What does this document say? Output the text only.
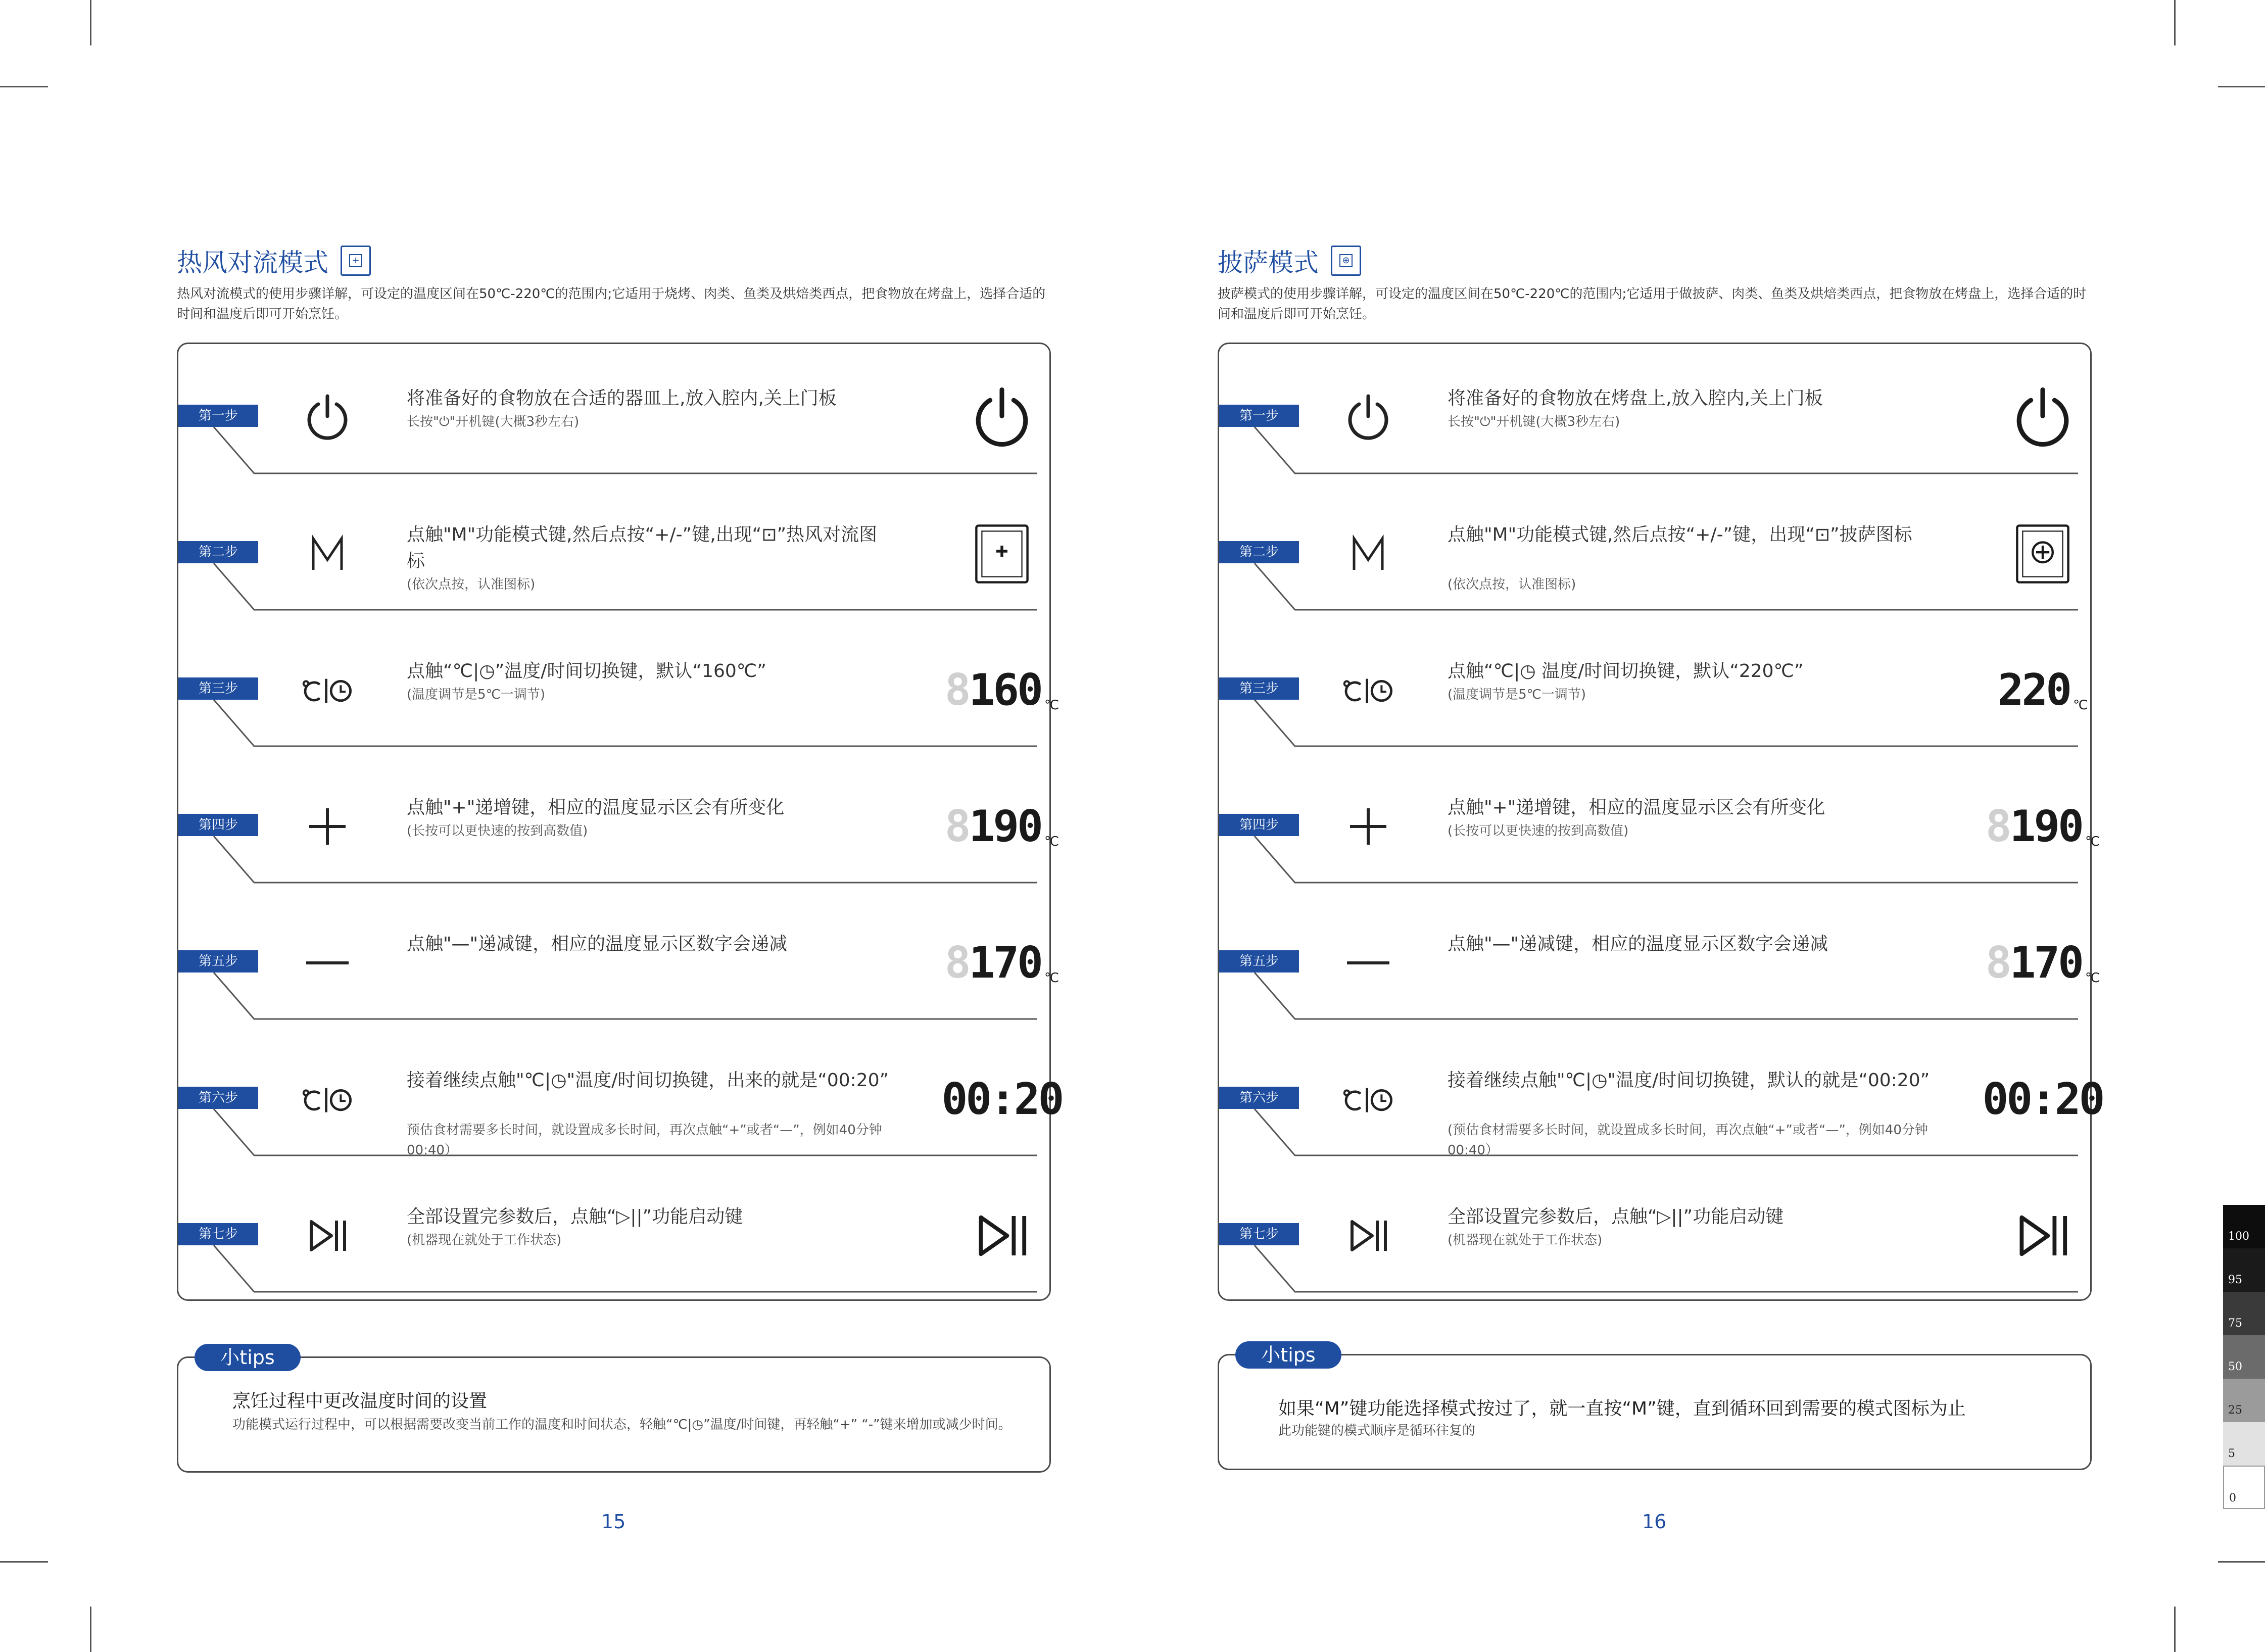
热风对流模式	+
热风对流模式的使用步骤详解，可设定的温度区间在50℃-220℃的范围内;它适用于烧烤、肉类、鱼类及烘焙类西点，把食物放在烤盘上，选择合适的时间和温度后即可开始烹饪。
第一步
将准备好的食物放在合适的器皿上,放入腔内,关上门板
长按"⏻"开机键(大概3秒左右)
第二步
点触"M"功能模式键,然后点按“+/-”键,出现“⊡”热风对流图标
(依次点按，认准图标)
第三步
点触“℃|◷”温度/时间切换键，默认“160℃”
(温度调节是5℃一调节)	8 160 ℃
第四步
点触"+"递增键，相应的温度显示区会有所变化
(长按可以更快速的按到高数值)	8 190 ℃
第五步
点触"—"递减键，相应的温度显示区数字会递减	8 170 ℃
第六步
接着继续点触"℃|◷"温度/时间切换键，出来的就是“00:20”
预估食材需要多长时间，就设置成多长时间，再次点触“+”或者“—”，例如40分钟 00:40）
00:20
第七步
全部设置完参数后，点触“▷||”功能启动键
(机器现在就处于工作状态)
小tips
烹饪过程中更改温度时间的设置
功能模式运行过程中，可以根据需要改变当前工作的温度和时间状态，轻触“℃|◷”温度/时间键，再轻触“+” “-”键来增加或减少时间。
15
披萨模式	⊕
披萨模式的使用步骤详解，可设定的温度区间在50℃-220℃的范围内;它适用于做披萨、肉类、鱼类及烘焙类西点，把食物放在烤盘上，选择合适的时间和温度后即可开始烹饪。
第一步
将准备好的食物放在烤盘上,放入腔内,关上门板
长按"⏻"开机键(大概3秒左右)
第二步
点触"M"功能模式键,然后点按“+/-”键，出现“⊡”披萨图标
(依次点按，认准图标)
第三步
点触“℃|◷ 温度/时间切换键，默认“220℃”
(温度调节是5℃一调节)	220 ℃
第四步
点触"+"递增键，相应的温度显示区会有所变化
(长按可以更快速的按到高数值)	8 190 ℃
第五步
点触"—"递减键，相应的温度显示区数字会递减	8 170 ℃
第六步
接着继续点触"℃|◷"温度/时间切换键，默认的就是“00:20”
(预估食材需要多长时间，就设置成多长时间，再次点触“+”或者“—”，例如40分钟 00:40）
00:20
第七步
全部设置完参数后，点触“▷||”功能启动键
(机器现在就处于工作状态)
小tips
如果“M”键功能选择模式按过了，就一直按“M”键，直到循环回到需要的模式图标为止
此功能键的模式顺序是循环往复的
16
100
95
75
50
25
5
0
